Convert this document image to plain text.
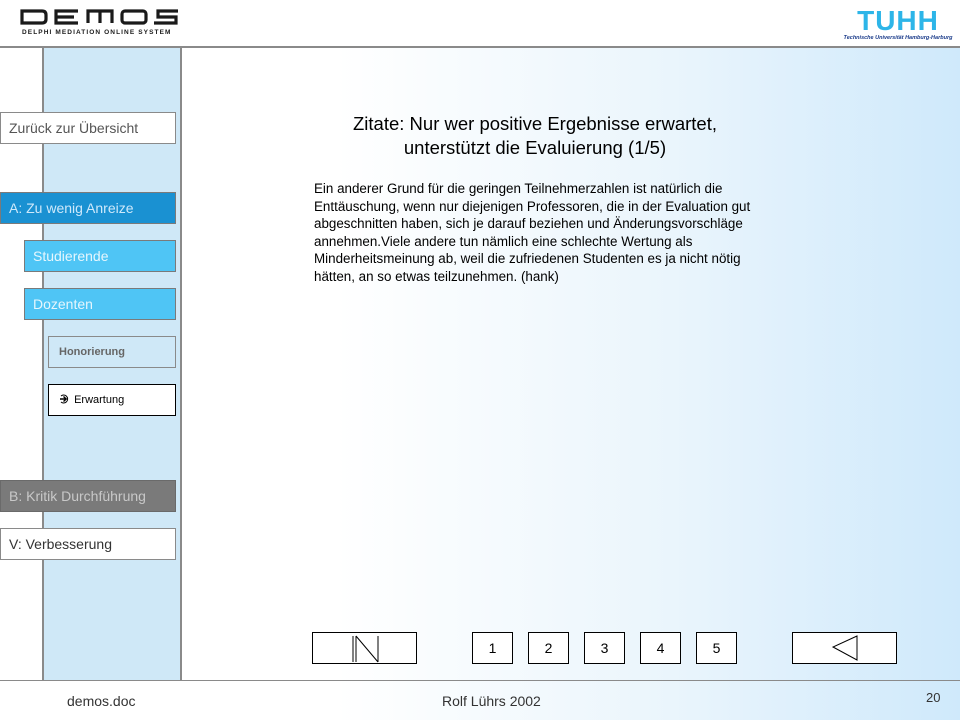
DELPHI MEDIATION ONLINE SYSTEM	TUHH
Technische Universität Hamburg-Harburg
Zurück zur Übersicht
A: Zu wenig Anreize
Studierende
Dozenten
Honorierung
Erwartung
B: Kritik Durchführung
V: Verbesserung
Zitate: Nur wer positive Ergebnisse erwartet,
unterstützt die Evaluierung (1/5)
Ein anderer Grund für die geringen Teilnehmerzahlen ist natürlich die Enttäuschung, wenn nur diejenigen Professoren, die in der Evaluation gut abgeschnitten haben, sich je darauf beziehen und Änderungsvorschläge annehmen.Viele andere tun nämlich eine schlechte Wertung als Minderheitsmeinung ab, weil die zufriedenen Studenten es ja nicht nötig hätten, an so etwas teilzunehmen. (hank)
1	2	3	4	5
demos.doc	Rolf Lührs 2002	20
